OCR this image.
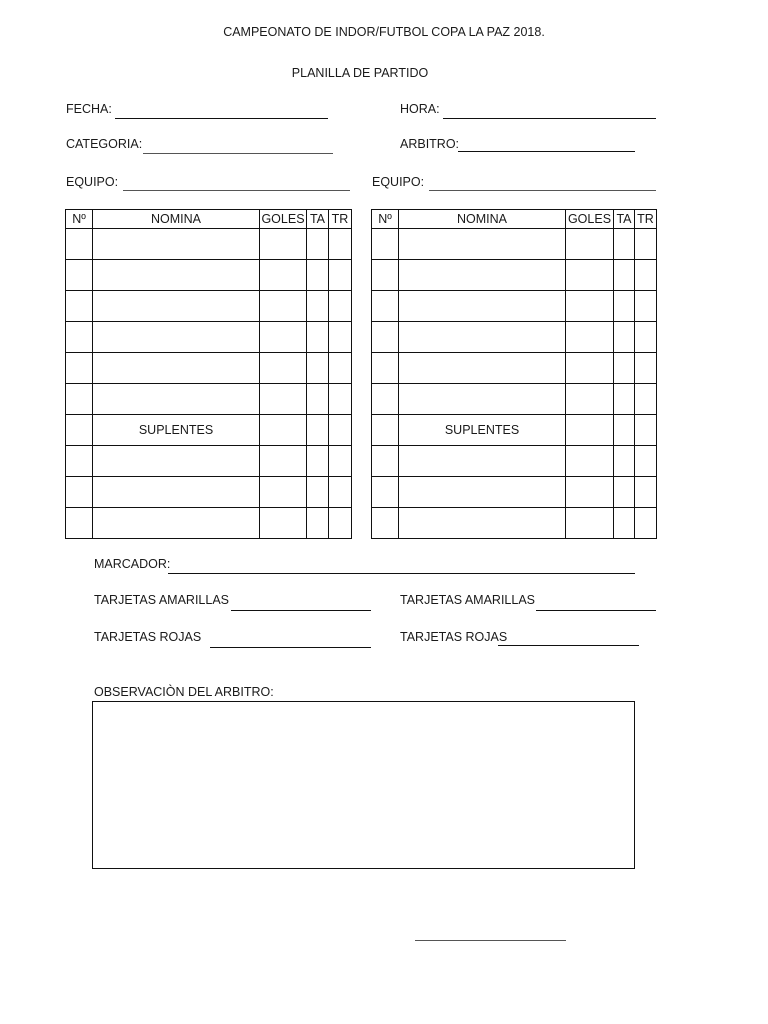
CAMPEONATO DE INDOR/FUTBOL COPA LA PAZ 2018.
PLANILLA DE PARTIDO
FECHA:	HORA:
CATEGORIA:	ARBITRO:
EQUIPO:	EQUIPO:
Nº	NOMINA	GOLES	TA	TR

	SUPLENTES			

Nº	NOMINA	GOLES	TA	TR

	SUPLENTES			

MARCADOR:
TARJETAS AMARILLAS	TARJETAS AMARILLAS
TARJETAS ROJAS	TARJETAS ROJAS
OBSERVACIÒN DEL ARBITRO:
